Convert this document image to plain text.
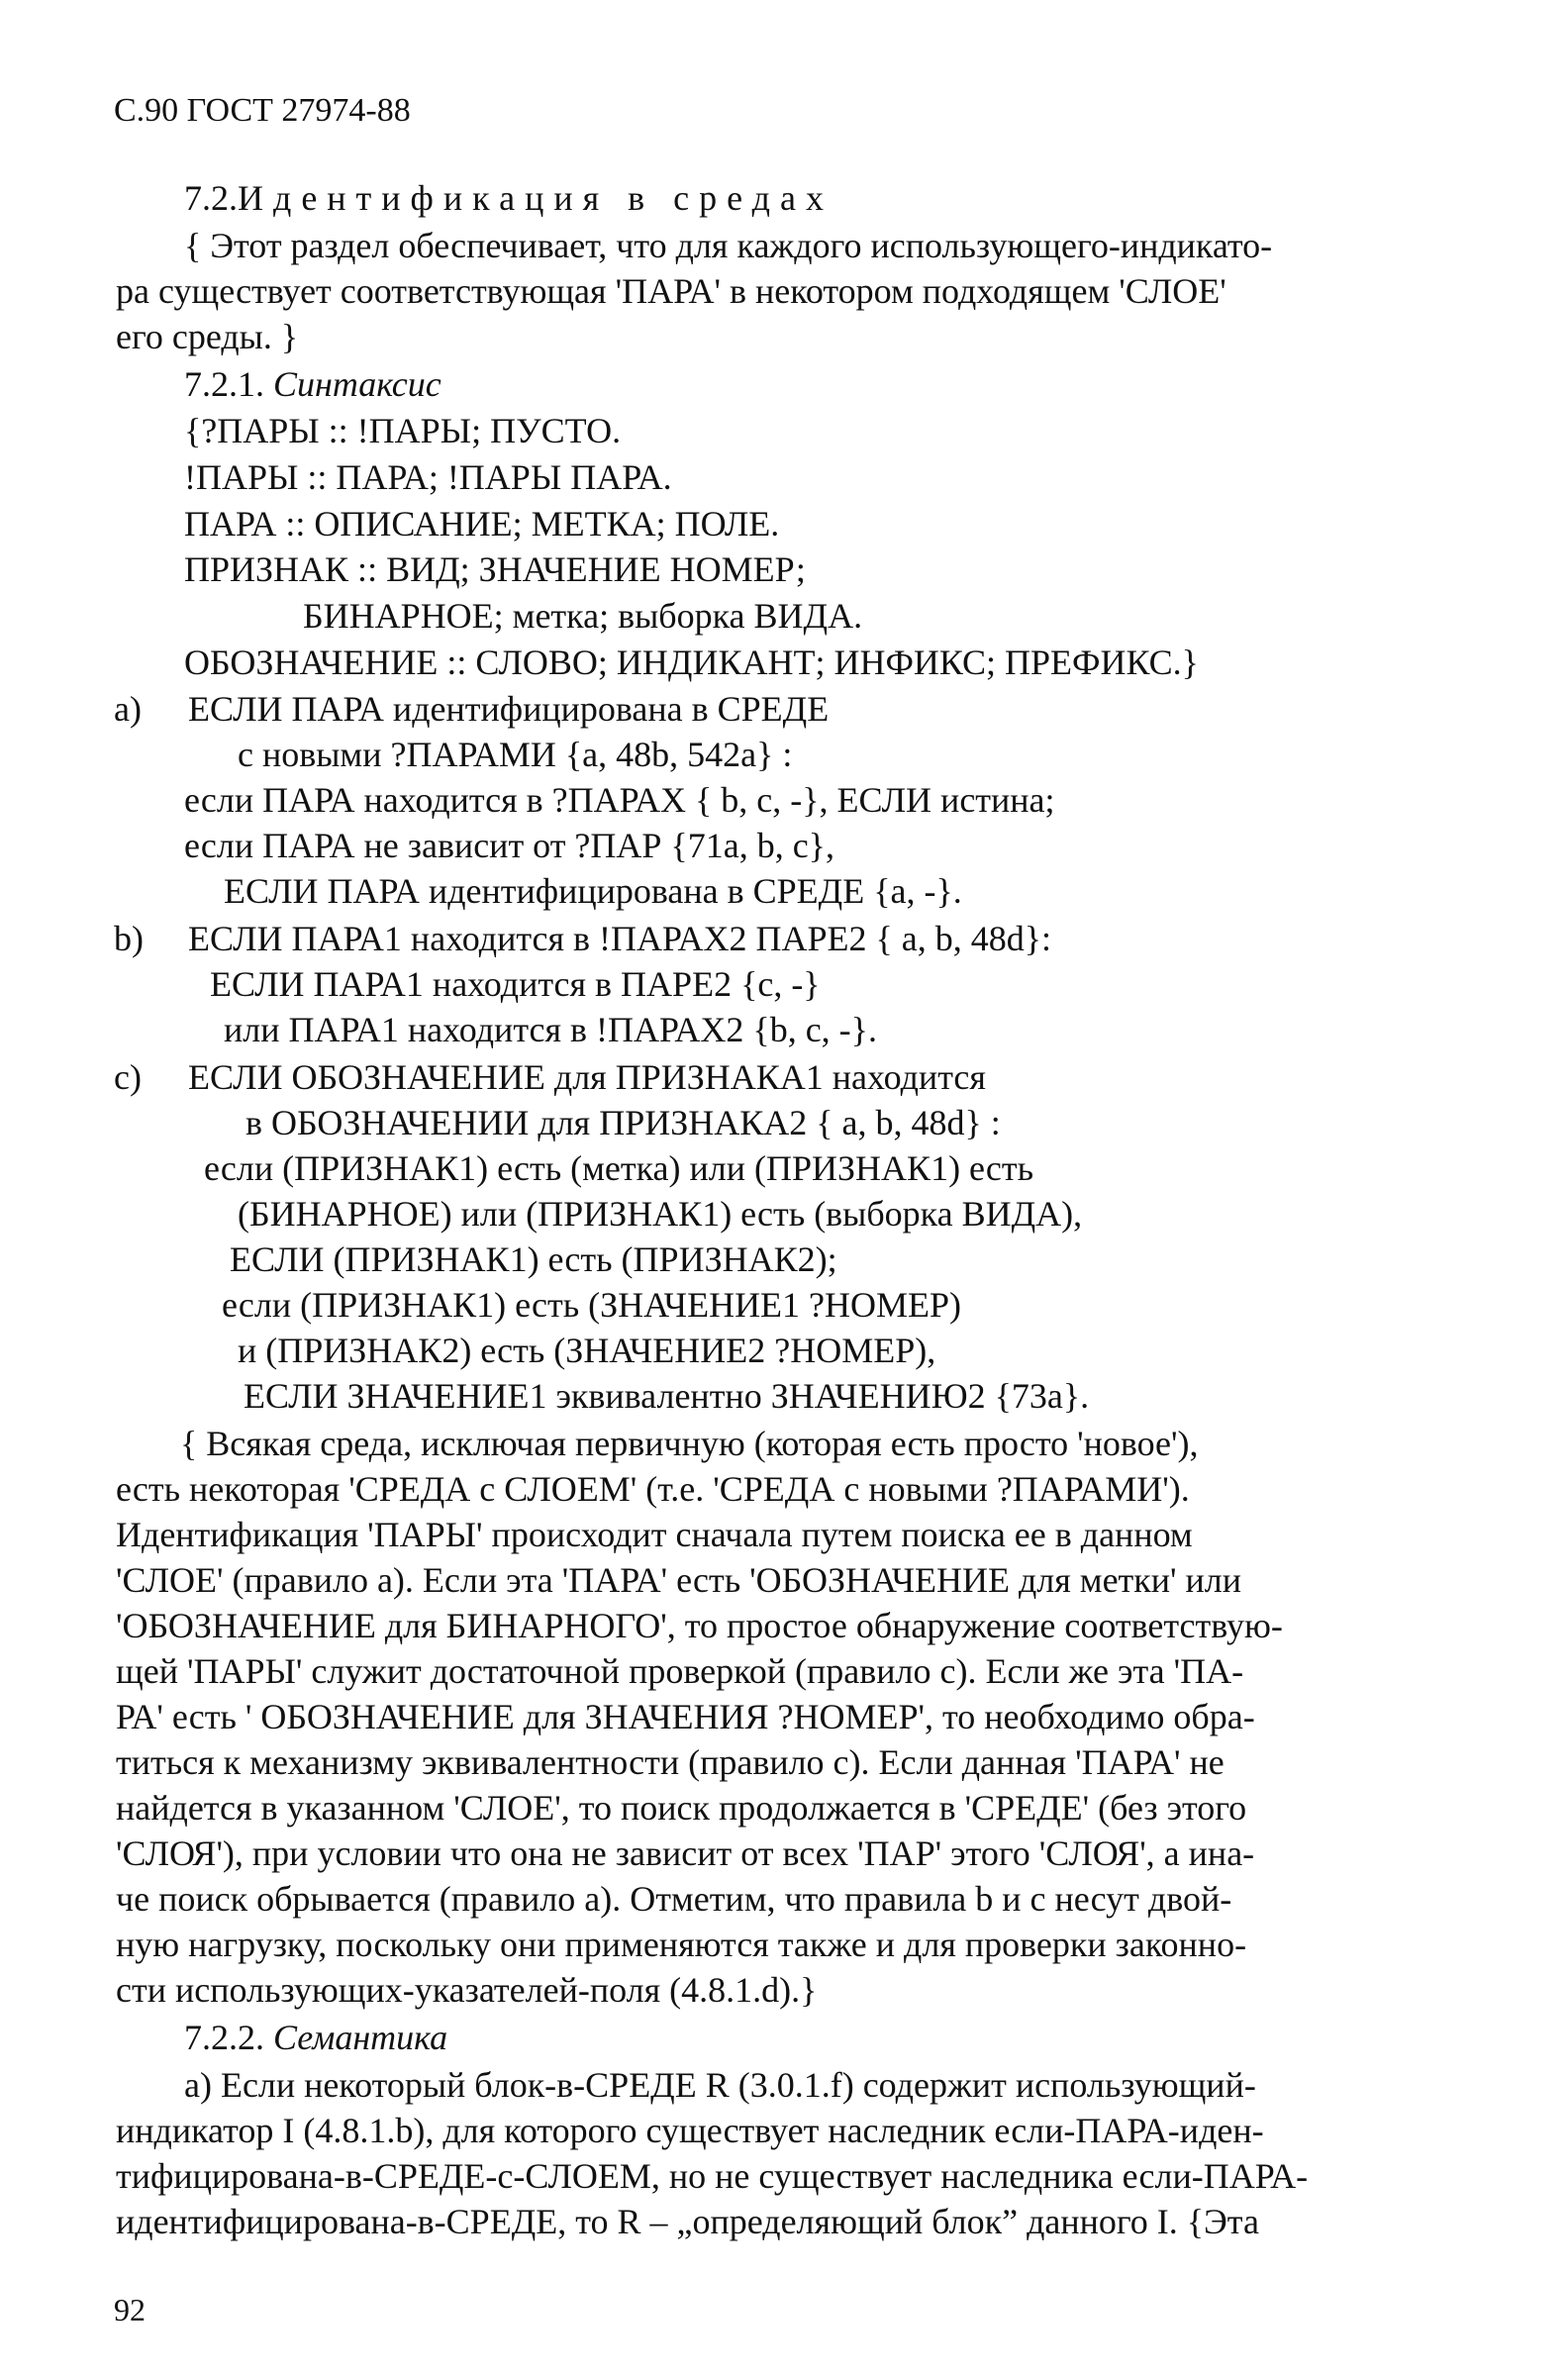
С.90 ГОСТ 27974-88
7.2.Идентификация в средах
{ Этот раздел обеспечивает, что для каждого использующего-индикато-
ра существует соответствующая 'ПАРА' в некотором подходящем 'СЛОЕ'
его среды. }
7.2.1. Синтаксис
{?ПАРЫ :: !ПАРЫ; ПУСТО.
!ПАРЫ :: ПАРА; !ПАРЫ ПАРА.
ПАРА :: ОПИСАНИЕ; МЕТКА; ПОЛЕ.
ПРИЗНАК :: ВИД; ЗНАЧЕНИЕ НОМЕР;
БИНАРНОЕ; метка; выборка ВИДА.
ОБОЗНАЧЕНИЕ :: СЛОВО; ИНДИКАНТ; ИНФИКС; ПРЕФИКС.}
a) ЕСЛИ ПАРА идентифицирована в СРЕДЕ
с новыми ?ПАРАМИ {a, 48b, 542a} :
если ПАРА находится в ?ПАРАХ { b, c, -}, ЕСЛИ истина;
если ПАРА не зависит от ?ПАР {71a, b, c},
ЕСЛИ ПАРА идентифицирована в СРЕДЕ {a, -}.
b) ЕСЛИ ПАРА1 находится в !ПАРАХ2 ПАРЕ2 { a, b, 48d}:
ЕСЛИ ПАРА1 находится в ПАРЕ2 {c, -}
или ПАРА1 находится в !ПАРАХ2 {b, c, -}.
c) ЕСЛИ ОБОЗНАЧЕНИЕ для ПРИЗНАКА1 находится
в ОБОЗНАЧЕНИИ для ПРИЗНАКА2 { a, b, 48d} :
если (ПРИЗНАК1) есть (метка) или (ПРИЗНАК1) есть
(БИНАРНОЕ) или (ПРИЗНАК1) есть (выборка ВИДА),
ЕСЛИ (ПРИЗНАК1) есть (ПРИЗНАК2);
если (ПРИЗНАК1) есть (ЗНАЧЕНИЕ1 ?НОМЕР)
и (ПРИЗНАК2) есть (ЗНАЧЕНИЕ2 ?НОМЕР),
ЕСЛИ ЗНАЧЕНИЕ1 эквивалентно ЗНАЧЕНИЮ2 {73a}.
{ Всякая среда, исключая первичную (которая есть просто 'новое'),
есть некоторая 'СРЕДА с СЛОЕМ' (т.е. 'СРЕДА с новыми ?ПАРАМИ').
Идентификация 'ПАРЫ' происходит сначала путем поиска ее в данном
'СЛОЕ' (правило a). Если эта 'ПАРА' есть 'ОБОЗНАЧЕНИЕ для метки' или
'ОБОЗНАЧЕНИЕ для БИНАРНОГО', то простое обнаружение соответствую-
щей 'ПАРЫ' служит достаточной проверкой (правило c). Если же эта 'ПА-
РА' есть ' ОБОЗНАЧЕНИЕ для ЗНАЧЕНИЯ ?НОМЕР', то необходимо обра-
титься к механизму эквивалентности (правило c). Если данная 'ПАРА' не
найдется в указанном 'СЛОЕ', то поиск продолжается в 'СРЕДЕ' (без этого
'СЛОЯ'), при условии что она не зависит от всех 'ПАР' этого 'СЛОЯ', а ина-
че поиск обрывается (правило a). Отметим, что правила b и c несут двой-
ную нагрузку, поскольку они применяются также и для проверки законно-
сти использующих-указателей-поля (4.8.1.d).}
7.2.2. Семантика
a) Если некоторый блок-в-СРЕДЕ R (3.0.1.f) содержит использующий-
индикатор I (4.8.1.b), для которого существует наследник если-ПАРА-иден-
тифицирована-в-СРЕДЕ-с-СЛОЕМ, но не существует наследника если-ПАРА-
идентифицирована-в-СРЕДЕ, то R – „определяющий блок” данного I. {Эта
92
